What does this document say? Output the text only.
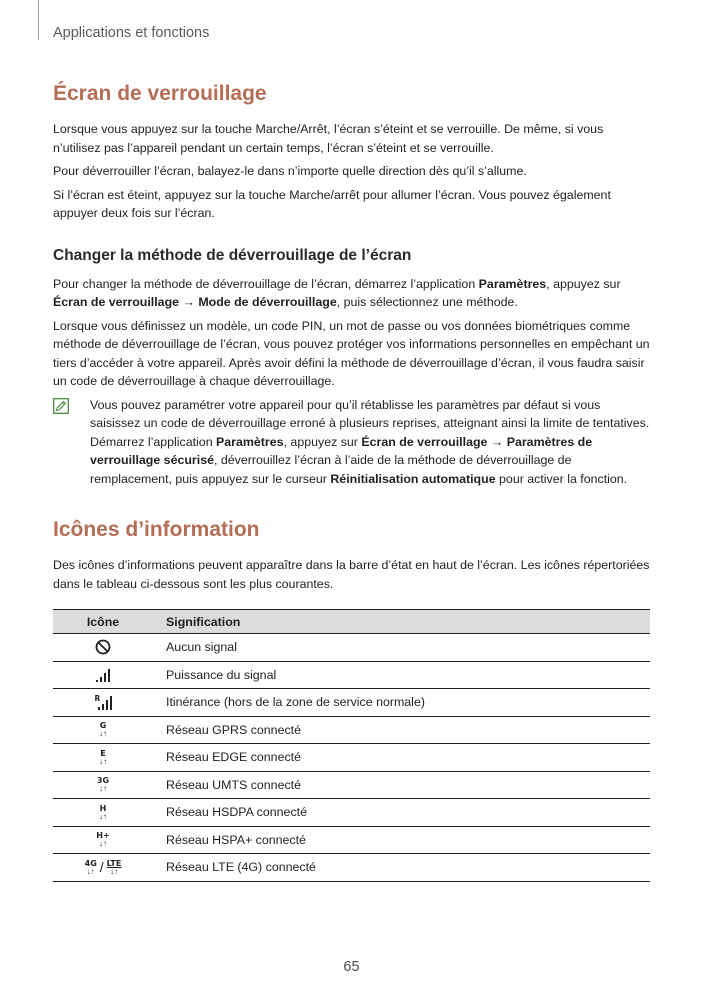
Applications et fonctions
Écran de verrouillage

Lorsque vous appuyez sur la touche Marche/Arrêt, l’écran s’éteint et se verrouille. De même, si vous n’utilisez pas l’appareil pendant un certain temps, l’écran s’éteint et se verrouille.

Pour déverrouiller l’écran, balayez-le dans n’importe quelle direction dès qu’il s’allume.

Si l’écran est éteint, appuyez sur la touche Marche/arrêt pour allumer l’écran. Vous pouvez également appuyer deux fois sur l’écran.

Changer la méthode de déverrouillage de l’écran

Pour changer la méthode de déverrouillage de l’écran, démarrez l’application Paramètres, appuyez sur Écran de verrouillage → Mode de déverrouillage, puis sélectionnez une méthode.

Lorsque vous définissez un modèle, un code PIN, un mot de passe ou vos données biométriques comme méthode de déverrouillage de l’écran, vous pouvez protéger vos informations personnelles en empêchant un tiers d’accéder à votre appareil. Après avoir défini la méthode de déverrouillage d’écran, il vous faudra saisir un code de déverrouillage à chaque déverrouillage.

Vous pouvez paramétrer votre appareil pour qu’il rétablisse les paramètres par défaut si vous saisissez un code de déverrouillage erroné à plusieurs reprises, atteignant ainsi la limite de tentatives. Démarrez l’application Paramètres, appuyez sur Écran de verrouillage → Paramètres de verrouillage sécurisé, déverrouillez l’écran à l’aide de la méthode de déverrouillage de remplacement, puis appuyez sur le curseur Réinitialisation automatique pour activer la fonction.

Icônes d’information

Des icônes d’informations peuvent apparaître dans la barre d’état en haut de l’écran. Les icônes répertoriées dans le tableau ci-dessous sont les plus courantes.

Icône	Signification
	Aucun signal
	Puissance du signal

R	Itinérance (hors de la zone de service normale)

G
↓↑	Réseau GPRS connecté

E
↓↑	Réseau EDGE connecté

3G
↓↑	Réseau UMTS connecté

H
↓↑	Réseau HSDPA connecté

H+
↓↑	Réseau HSPA+ connecté

4G
↓↑ / LTE
↓↑	Réseau LTE (4G) connecté
65
